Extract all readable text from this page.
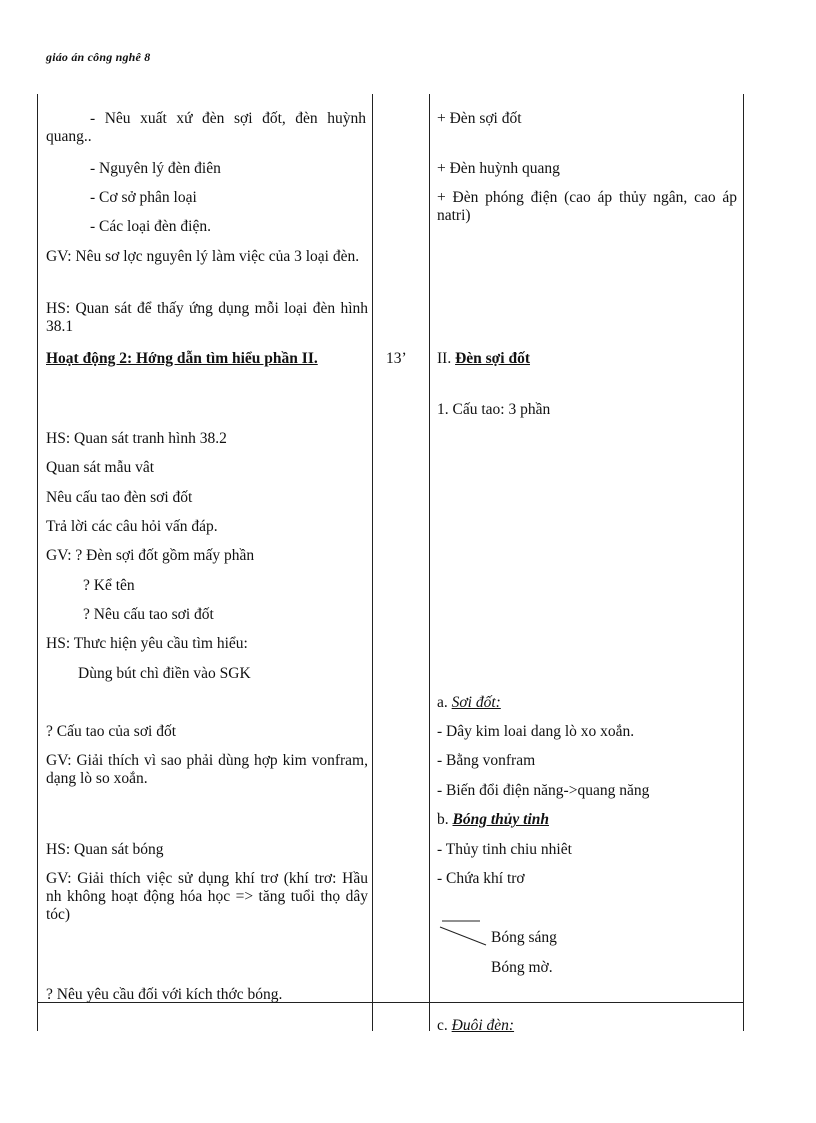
giáo án công nghê 8
- Nêu xuất xứ đèn sợi đốt, đèn huỳnh quang..
- Nguyên lý đèn điên
- Cơ sở phân loại
- Các loại đèn điện.
GV: Nêu sơ lợc nguyên lý làm việc của 3 loại đèn.
HS: Quan sát để thấy ứng dụng mỗi loại đèn hình 38.1
Hoạt động 2: Hớng dẫn tìm hiểu phần II.
HS: Quan sát tranh hình 38.2
Quan sát mẫu vât
Nêu cấu tao đèn sơi đốt
Trả lời các câu hỏi vấn đáp.
GV: ? Đèn sợi đốt gồm mấy phần
? Kể tên
? Nêu cấu tao sơi đốt
HS: Thưc hiện yêu cầu tìm hiểu:
Dùng bút chì điền vào SGK
? Cấu tao của sơi đốt
GV: Giải thích vì sao phải dùng hợp kim vonfram, dạng lò so xoắn.
HS: Quan sát bóng
GV: Giải thích việc sử dụng khí trơ (khí trơ: Hầu nh không hoạt động hóa học => tăng tuổi thọ dây tóc)
? Nêu yêu cầu đối với kích thớc bóng.
13’
+ Đèn sợi đốt
+ Đèn huỳnh quang
+ Đèn phóng điện (cao áp thủy ngân, cao áp natri)
II. Đèn sợi đốt
1. Cấu tao: 3 phần
a. Sơi đốt:
- Dây kim loai dang lò xo xoắn.
- Bằng vonfram
- Biến đổi điện năng->quang năng
b. Bóng thủy tinh
- Thủy tinh chiu nhiêt
- Chứa khí trơ
Bóng sáng
Bóng mờ.
c. Đuôi đèn:
